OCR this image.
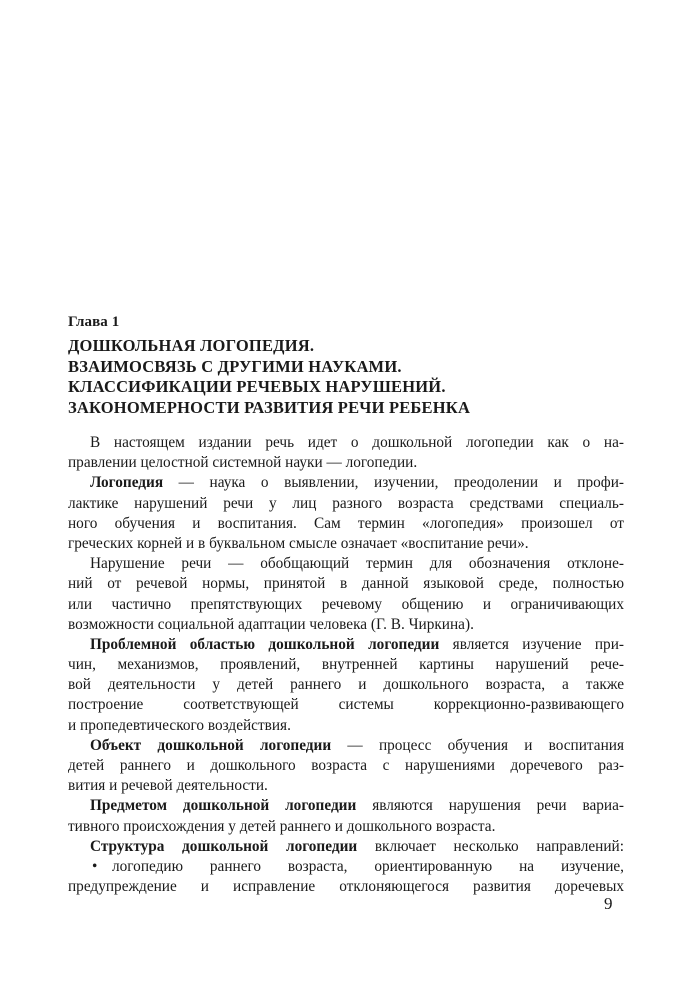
Глава 1
ДОШКОЛЬНАЯ ЛОГОПЕДИЯ.
ВЗАИМОСВЯЗЬ С ДРУГИМИ НАУКАМИ.
КЛАССИФИКАЦИИ РЕЧЕВЫХ НАРУШЕНИЙ.
ЗАКОНОМЕРНОСТИ РАЗВИТИЯ РЕЧИ РЕБЕНКА
В настоящем издании речь идет о дошкольной логопедии как о на-
правлении целостной системной науки — логопедии.
Логопедия — наука о выявлении, изучении, преодолении и профи-
лактике нарушений речи у лиц разного возраста средствами специаль-
ного обучения и воспитания. Сам термин «логопедия» произошел от
греческих корней и в буквальном смысле означает «воспитание речи».
Нарушение речи — обобщающий термин для обозначения отклоне-
ний от речевой нормы, принятой в данной языковой среде, полностью
или частично препятствующих речевому общению и ограничивающих
возможности социальной адаптации человека (Г. В. Чиркина).
Проблемной областью дошкольной логопедии является изучение при-
чин, механизмов, проявлений, внутренней картины нарушений рече-
вой деятельности у детей раннего и дошкольного возраста, а также
построение соответствующей системы коррекционно-развивающего
и пропедевтического воздействия.
Объект дошкольной логопедии — процесс обучения и воспитания
детей раннего и дошкольного возраста с нарушениями доречевого раз-
вития и речевой деятельности.
Предметом дошкольной логопедии являются нарушения речи вариа-
тивного происхождения у детей раннего и дошкольного возраста.
Структура дошкольной логопедии включает несколько направлений:
• логопедию раннего возраста, ориентированную на изучение,
предупреждение и исправление отклоняющегося развития доречевых
9
